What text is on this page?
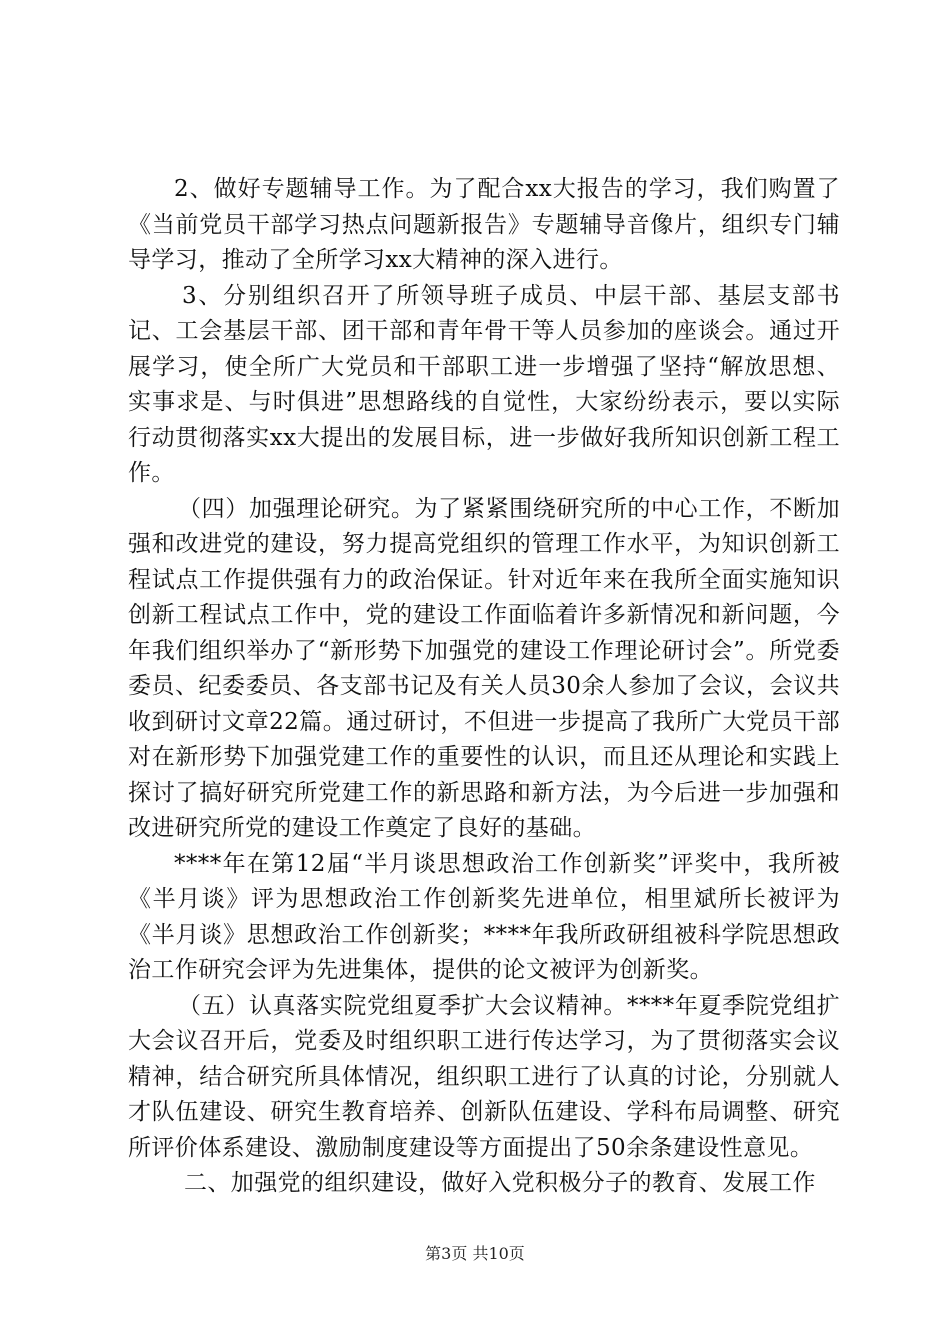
2、做好专题辅导工作。为了配合xx大报告的学习，我们购置了《当前党员干部学习热点问题新报告》专题辅导音像片，组织专门辅导学习，推动了全所学习xx大精神的深入进行。

3、分别组织召开了所领导班子成员、中层干部、基层支部书记、工会基层干部、团干部和青年骨干等人员参加的座谈会。通过开展学习，使全所广大党员和干部职工进一步增强了坚持“解放思想、实事求是、与时俱进”思想路线的自觉性，大家纷纷表示，要以实际行动贯彻落实xx大提出的发展目标，进一步做好我所知识创新工程工作。

（四）加强理论研究。为了紧紧围绕研究所的中心工作，不断加强和改进党的建设，努力提高党组织的管理工作水平，为知识创新工程试点工作提供强有力的政治保证。针对近年来在我所全面实施知识创新工程试点工作中，党的建设工作面临着许多新情况和新问题，今年我们组织举办了“新形势下加强党的建设工作理论研讨会”。所党委委员、纪委委员、各支部书记及有关人员30余人参加了会议，会议共收到研讨文章22篇。通过研讨，不但进一步提高了我所广大党员干部对在新形势下加强党建工作的重要性的认识，而且还从理论和实践上探讨了搞好研究所党建工作的新思路和新方法，为今后进一步加强和改进研究所党的建设工作奠定了良好的基础。

****年在第12届“半月谈思想政治工作创新奖”评奖中，我所被《半月谈》评为思想政治工作创新奖先进单位，相里斌所长被评为《半月谈》思想政治工作创新奖；****年我所政研组被科学院思想政治工作研究会评为先进集体，提供的论文被评为创新奖。

（五）认真落实院党组夏季扩大会议精神。****年夏季院党组扩大会议召开后，党委及时组织职工进行传达学习，为了贯彻落实会议精神，结合研究所具体情况，组织职工进行了认真的讨论，分别就人才队伍建设、研究生教育培养、创新队伍建设、学科布局调整、研究所评价体系建设、激励制度建设等方面提出了50余条建设性意见。

二、加强党的组织建设，做好入党积极分子的教育、发展工作

第3页 共10页
